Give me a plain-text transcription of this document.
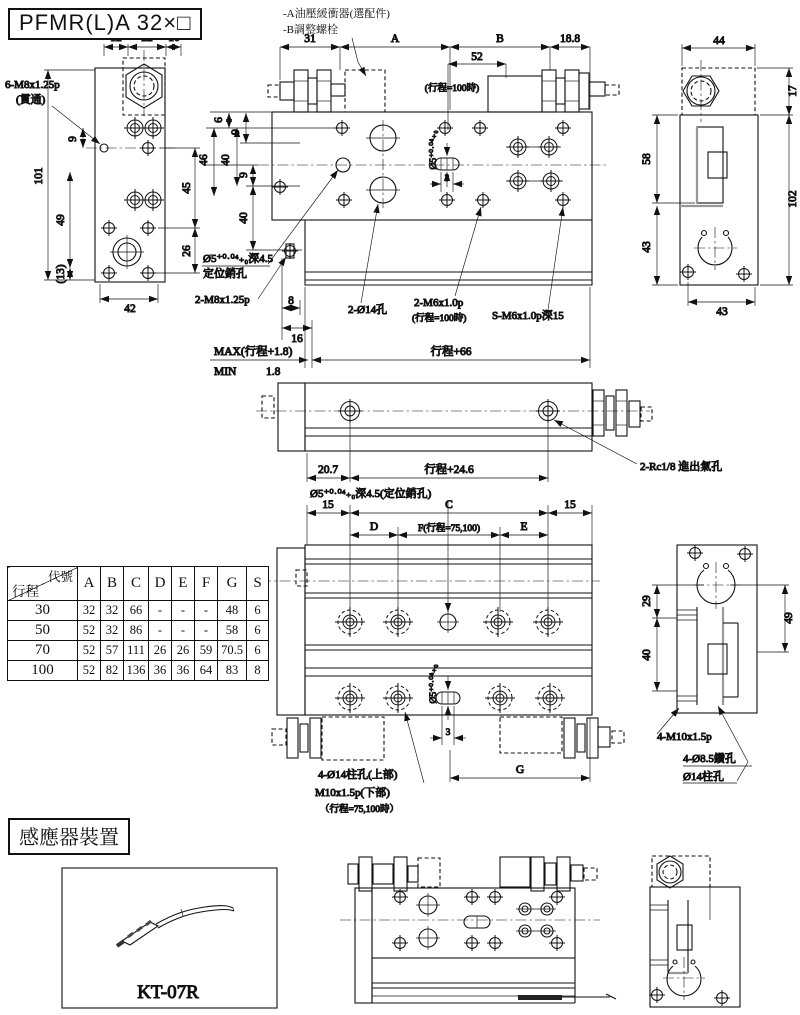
-A油壓緩衝器(選配件)
-B調整螺栓
101
49
(13)
9
45
26
42
6-M8x1.25p
(貫通)
31	A	B	18.8
52
(行程=100時)
6
9
46 40
9
40
Ø5⁺⁰·⁰⁴₊₀
3
Ø5⁺⁰·⁰⁴₊₀深4.5
定位銷孔
2-M8x1.25p
2-Ø14孔
2-M6x1.0p
(行程=100時) S-M6x1.0p深15
8
16
MAX(行程+1.8)
MIN	1.8
行程+66
44
17
58
43
102
43
20.7	行程+24.6	2-Rc1/8 進出氣孔
Ø5⁺⁰·⁰⁴₊₀深4.5(定位銷孔)
15	C	15
D	F(行程=75,100)	E
Ø5⁺⁰·⁰⁴₊₀
3
G
4-Ø14柱孔(上部)
M10x1.5p(下部)
（行程=75,100時）
29
40
49
4-M10x1.5p
4-Ø8.5鑽孔
Ø14柱孔
KT-07R
PFMR(L)A 32×□
感應器裝置
代號
行程	A	B	C	D	E	F	G	S
30	32	32	66	-	-	-	48	6
50	52	32	86	-	-	-	58	6
70	52	57	111	26	26	59	70.5	6
100	52	82	136	36	36	64	83	8
